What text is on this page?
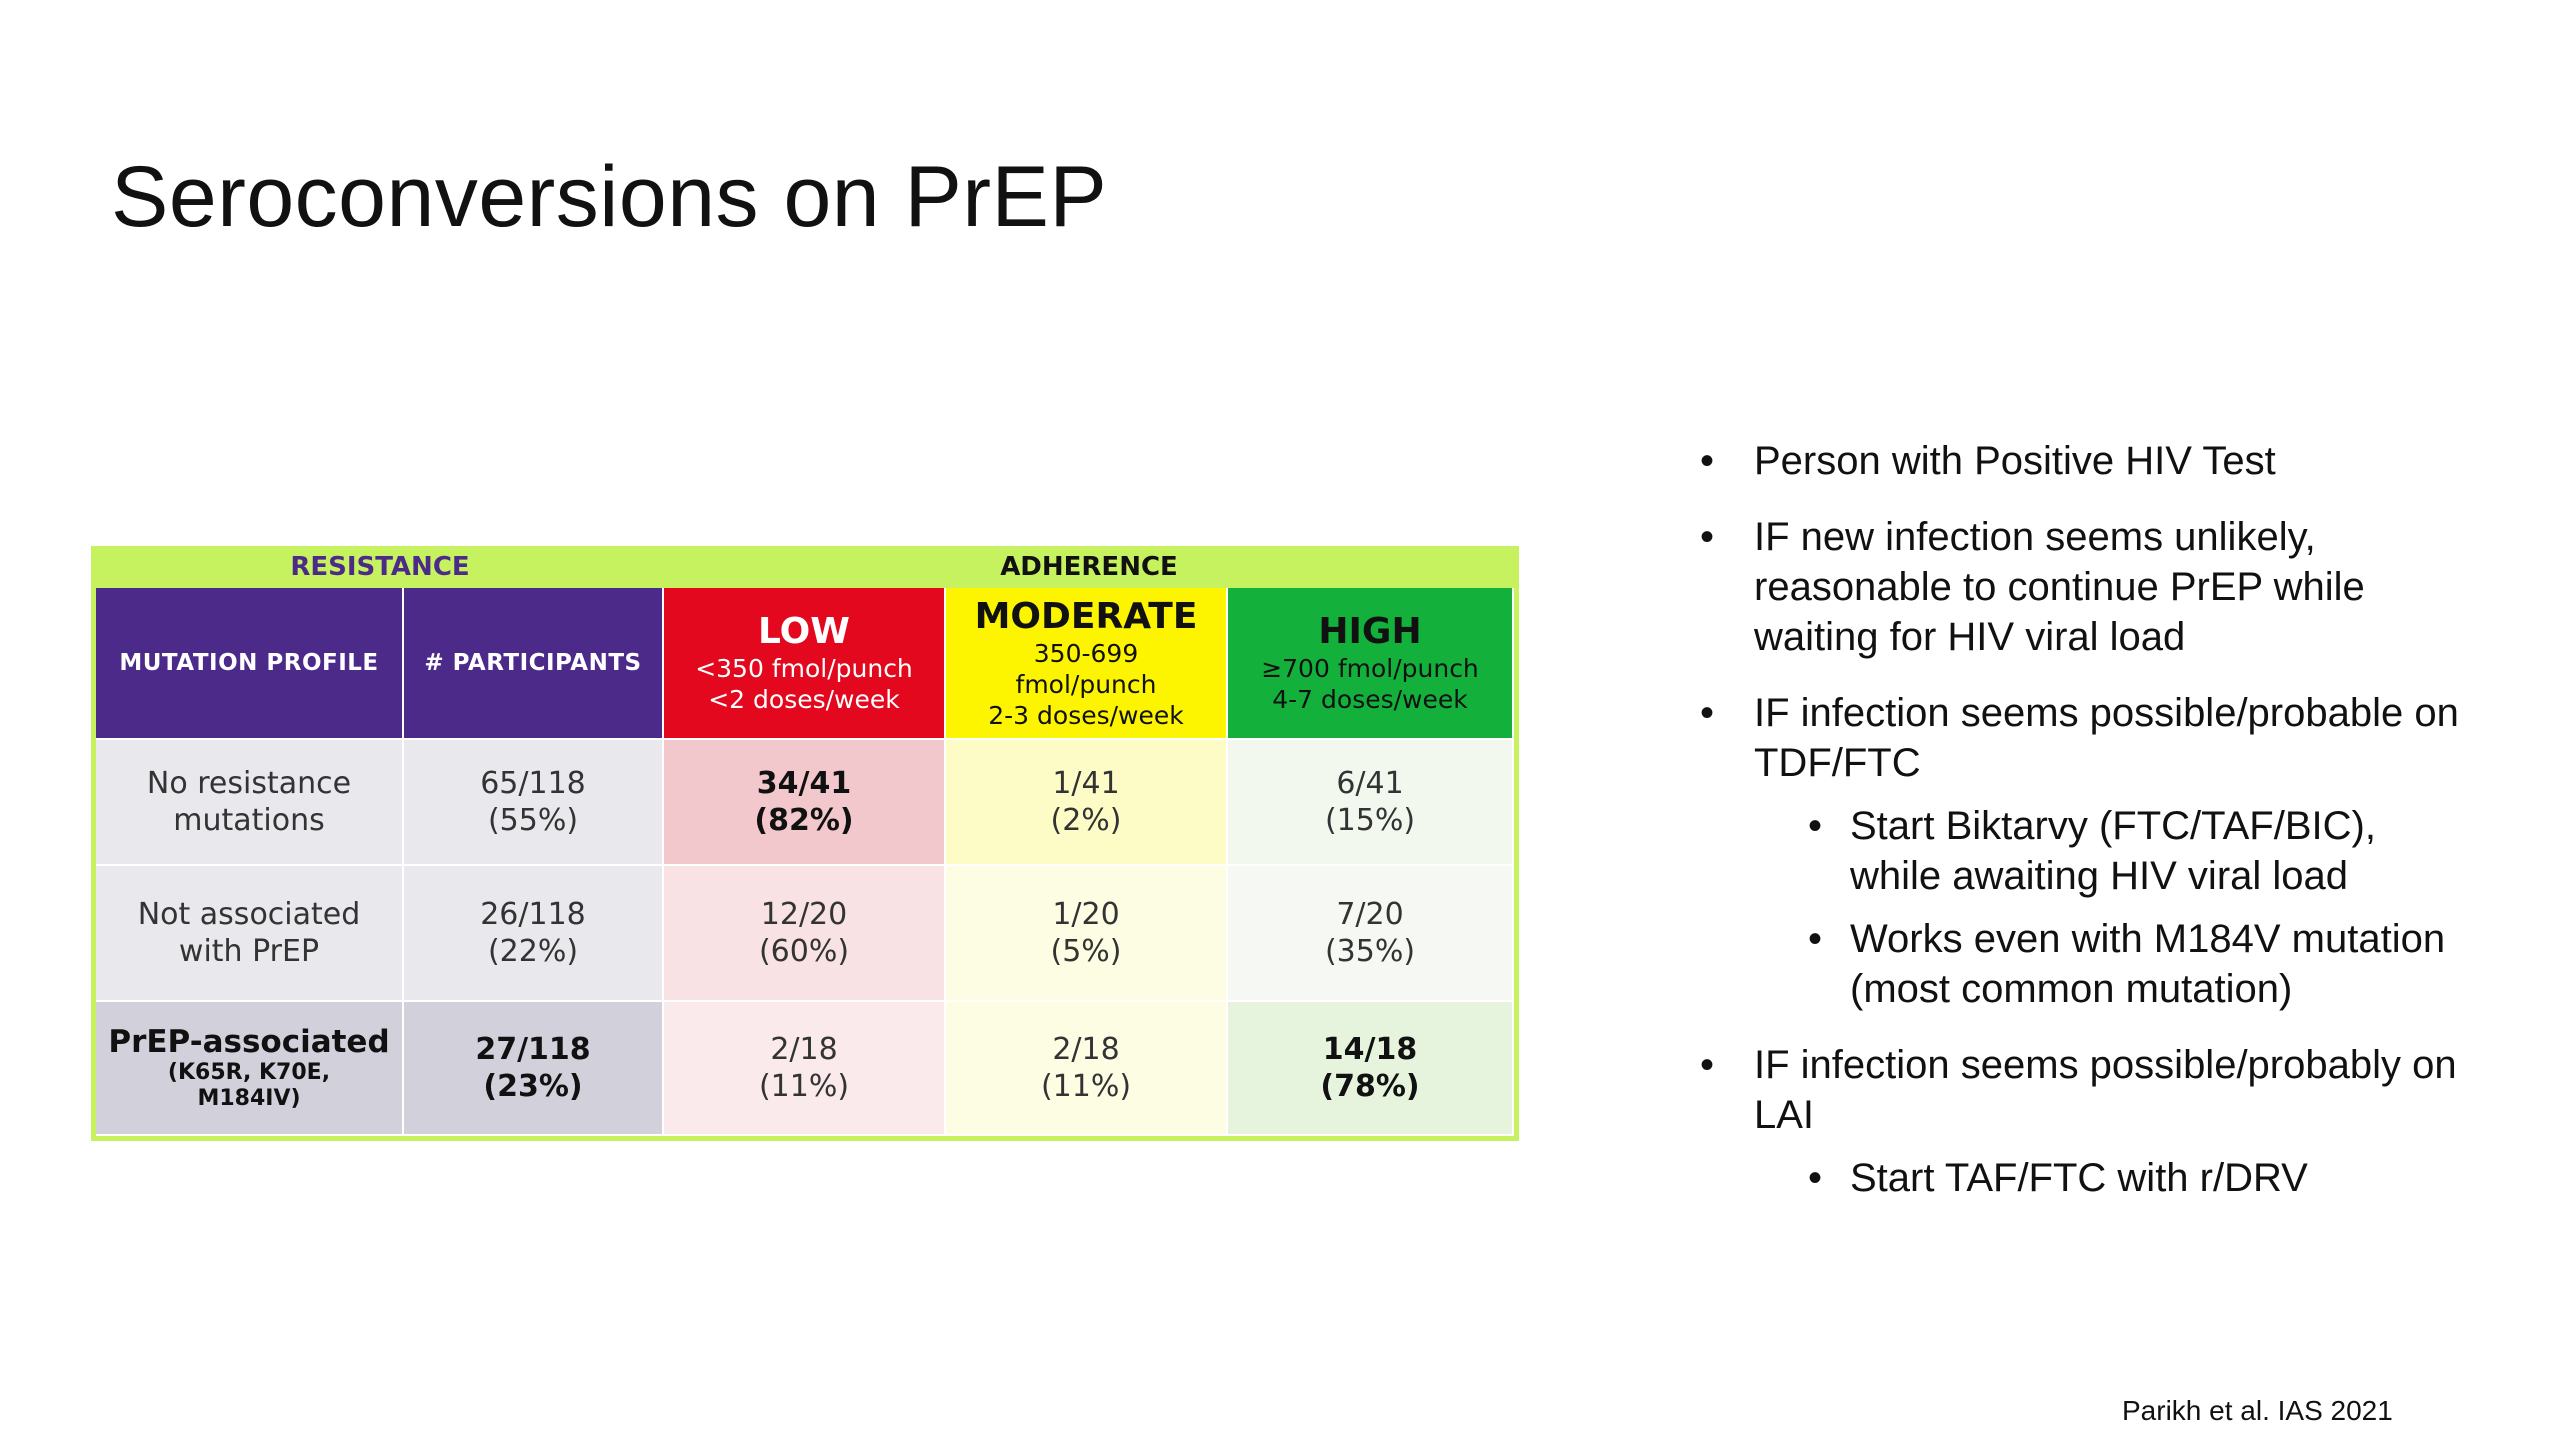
Seroconversions on PrEP
RESISTANCE	ADHERENCE
MUTATION PROFILE	# PARTICIPANTS
LOW
<350 fmol/punch
<2 doses/week
MODERATE
350-699
fmol/punch
2-3 doses/week
HIGH
≥700 fmol/punch
4-7 doses/week
No resistance
mutations
65/118
(55%)
34/41
(82%)
1/41
(2%)
6/41
(15%)
Not associated
with PrEP
26/118
(22%)
12/20
(60%)
1/20
(5%)
7/20
(35%)
PrEP-associated
(K65R, K70E,
M184IV)
27/118
(23%)
2/18
(11%)
2/18
(11%)
14/18
(78%)
• Person with Positive HIV Test
• IF new infection seems unlikely, reasonable to continue PrEP while waiting for HIV viral load
• IF infection seems possible/probable on TDF/FTC
• Start Biktarvy (FTC/TAF/BIC), while awaiting HIV viral load
• Works even with M184V mutation (most common mutation)
• IF infection seems possible/probably on LAI
• Start TAF/FTC with r/DRV
Parikh et al. IAS 2021
